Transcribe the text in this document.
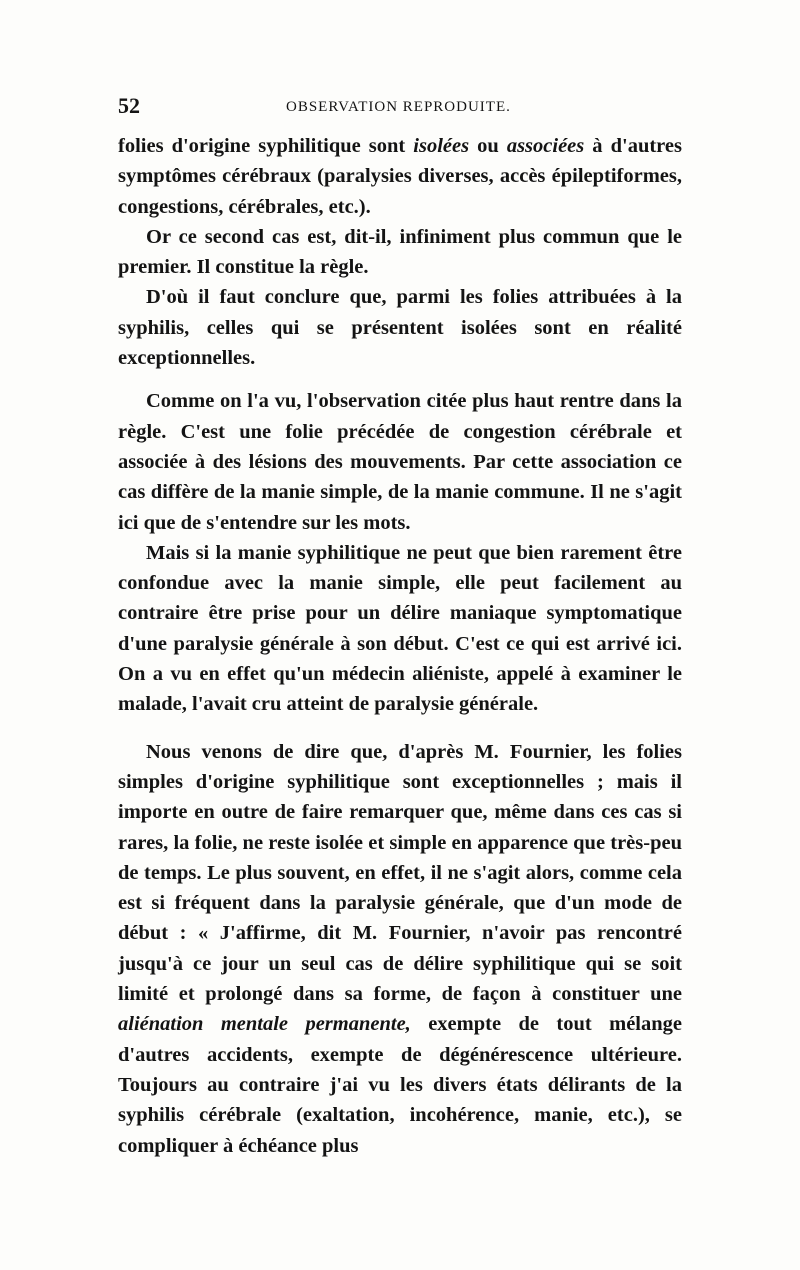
52	OBSERVATION REPRODUITE.

folies d'origine syphilitique sont isolées ou associées à d'autres symptômes cérébraux (paralysies diverses, accès épileptiformes, congestions, cérébrales, etc.).

Or ce second cas est, dit-il, infiniment plus commun que le premier. Il constitue la règle.

D'où il faut conclure que, parmi les folies attribuées à la syphilis, celles qui se présentent isolées sont en réalité exceptionnelles.

Comme on l'a vu, l'observation citée plus haut rentre dans la règle. C'est une folie précédée de congestion cérébrale et associée à des lésions des mouvements. Par cette association ce cas diffère de la manie simple, de la manie commune. Il ne s'agit ici que de s'entendre sur les mots.

Mais si la manie syphilitique ne peut que bien rarement être confondue avec la manie simple, elle peut facilement au contraire être prise pour un délire maniaque symptomatique d'une paralysie générale à son début. C'est ce qui est arrivé ici. On a vu en effet qu'un médecin aliéniste, appelé à examiner le malade, l'avait cru atteint de paralysie générale.

Nous venons de dire que, d'après M. Fournier, les folies simples d'origine syphilitique sont exceptionnelles ; mais il importe en outre de faire remarquer que, même dans ces cas si rares, la folie, ne reste isolée et simple en apparence que très-peu de temps. Le plus souvent, en effet, il ne s'agit alors, comme cela est si fréquent dans la paralysie générale, que d'un mode de début : « J'affirme, dit M. Fournier, n'avoir pas rencontré jusqu'à ce jour un seul cas de délire syphilitique qui se soit limité et prolongé dans sa forme, de façon à constituer une aliénation mentale permanente, exempte de tout mélange d'autres accidents, exempte de dégénérescence ultérieure. Toujours au contraire j'ai vu les divers états délirants de la syphilis cérébrale (exaltation, incohérence, manie, etc.), se compliquer à échéance plus
